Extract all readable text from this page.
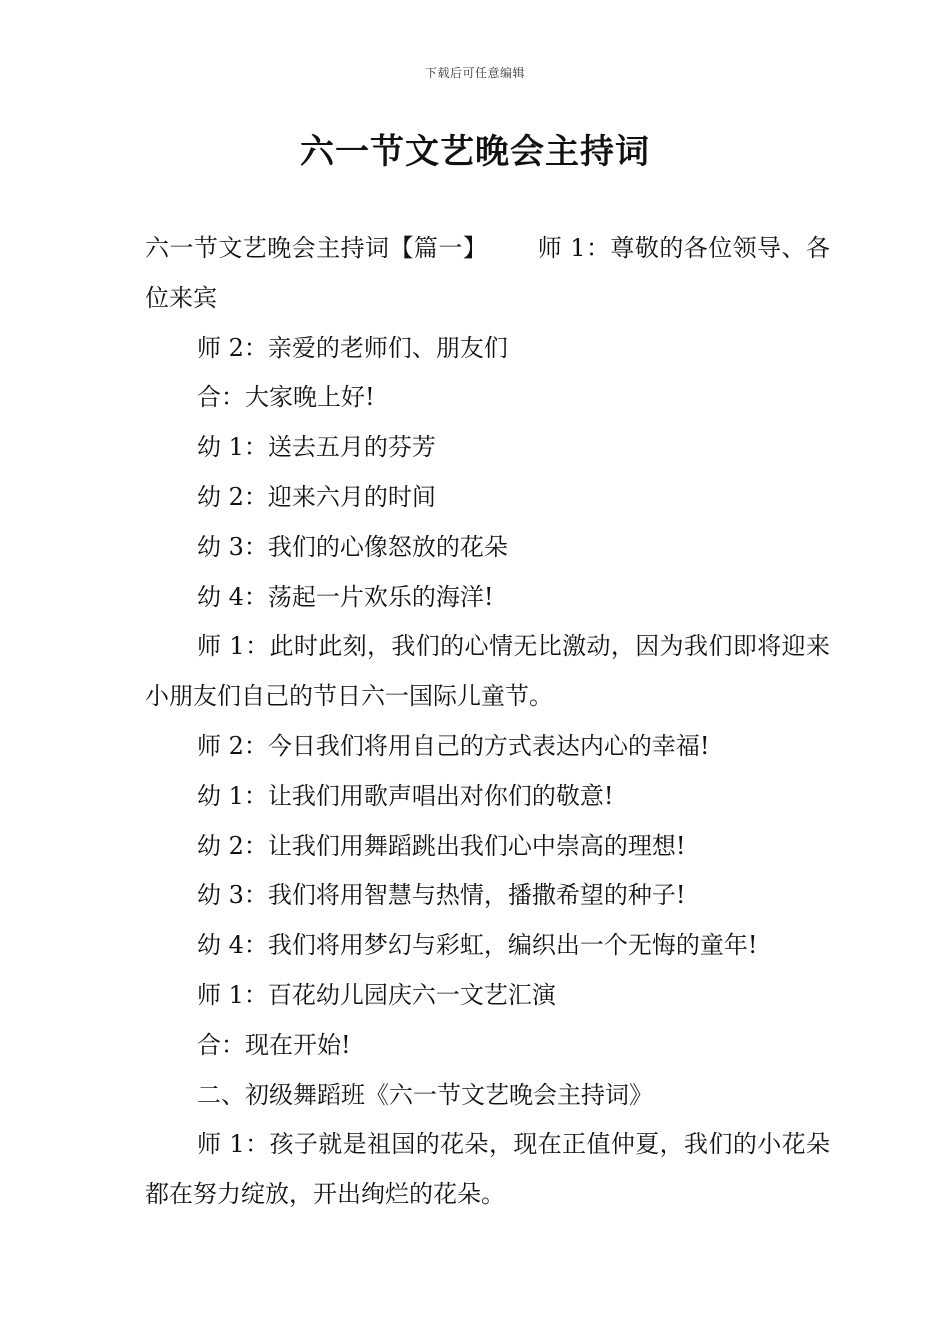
下载后可任意编辑
六一节文艺晚会主持词

六一节文艺晚会主持词【篇一】 师 1：尊敬的各位领导、各位来宾

师 2：亲爱的老师们、朋友们

合：大家晚上好!

幼 1：送去五月的芬芳

幼 2：迎来六月的时间

幼 3：我们的心像怒放的花朵

幼 4：荡起一片欢乐的海洋!

师 1：此时此刻，我们的心情无比激动，因为我们即将迎来小朋友们自己的节日六一国际儿童节。

师 2：今日我们将用自己的方式表达内心的幸福!

幼 1：让我们用歌声唱出对你们的敬意!

幼 2：让我们用舞蹈跳出我们心中崇高的理想!

幼 3：我们将用智慧与热情，播撒希望的种子!

幼 4：我们将用梦幻与彩虹，编织出一个无悔的童年!

师 1：百花幼儿园庆六一文艺汇演

合：现在开始!

二、初级舞蹈班《六一节文艺晚会主持词》

师 1：孩子就是祖国的花朵，现在正值仲夏，我们的小花朵都在努力绽放，开出绚烂的花朵。
